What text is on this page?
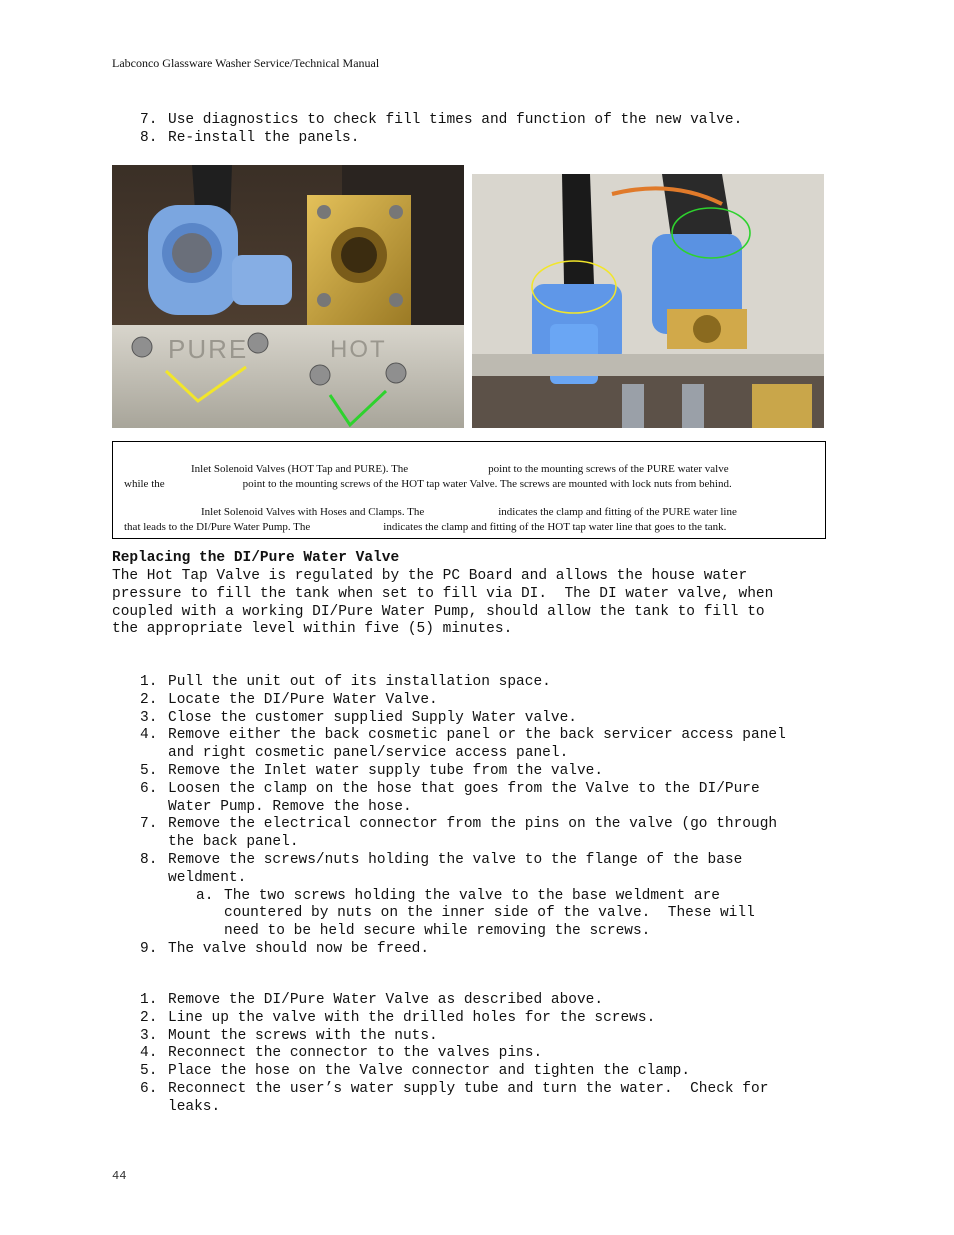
Labconco Glassware Washer Service/Technical Manual
7. Use diagnostics to check fill times and function of the new valve.
8. Re-install the panels.
PURE	HOT

Inlet Solenoid Valves (HOT Tap and PURE). The	point to the mounting screws of the PURE water valve

while the	point to the mounting screws of the HOT tap water Valve. The screws are mounted with lock nuts from behind.

Inlet Solenoid Valves with Hoses and Clamps. The	indicates the clamp and fitting of the PURE water line

that leads to the DI/Pure Water Pump. The	indicates the clamp and fitting of the HOT tap water line that goes to the tank.

Replacing the DI/Pure Water Valve
The Hot Tap Valve is regulated by the PC Board and allows the house water
pressure to fill the tank when set to fill via DI.  The DI water valve, when
coupled with a working DI/Pure Water Pump, should allow the tank to fill to
the appropriate level within five (5) minutes.
1. Pull the unit out of its installation space.
2. Locate the DI/Pure Water Valve.
3. Close the customer supplied Supply Water valve.
4. Remove either the back cosmetic panel or the back servicer access panel
and right cosmetic panel/service access panel.
5. Remove the Inlet water supply tube from the valve.
6. Loosen the clamp on the hose that goes from the Valve to the DI/Pure
Water Pump. Remove the hose.
7. Remove the electrical connector from the pins on the valve (go through
the back panel.
8. Remove the screws/nuts holding the valve to the flange of the base
weldment.
a. The two screws holding the valve to the base weldment are
countered by nuts on the inner side of the valve.  These will
need to be held secure while removing the screws.
9. The valve should now be freed.
1. Remove the DI/Pure Water Valve as described above.
2. Line up the valve with the drilled holes for the screws.
3. Mount the screws with the nuts.
4. Reconnect the connector to the valves pins.
5. Place the hose on the Valve connector and tighten the clamp.
6. Reconnect the user’s water supply tube and turn the water.  Check for
leaks.
44
